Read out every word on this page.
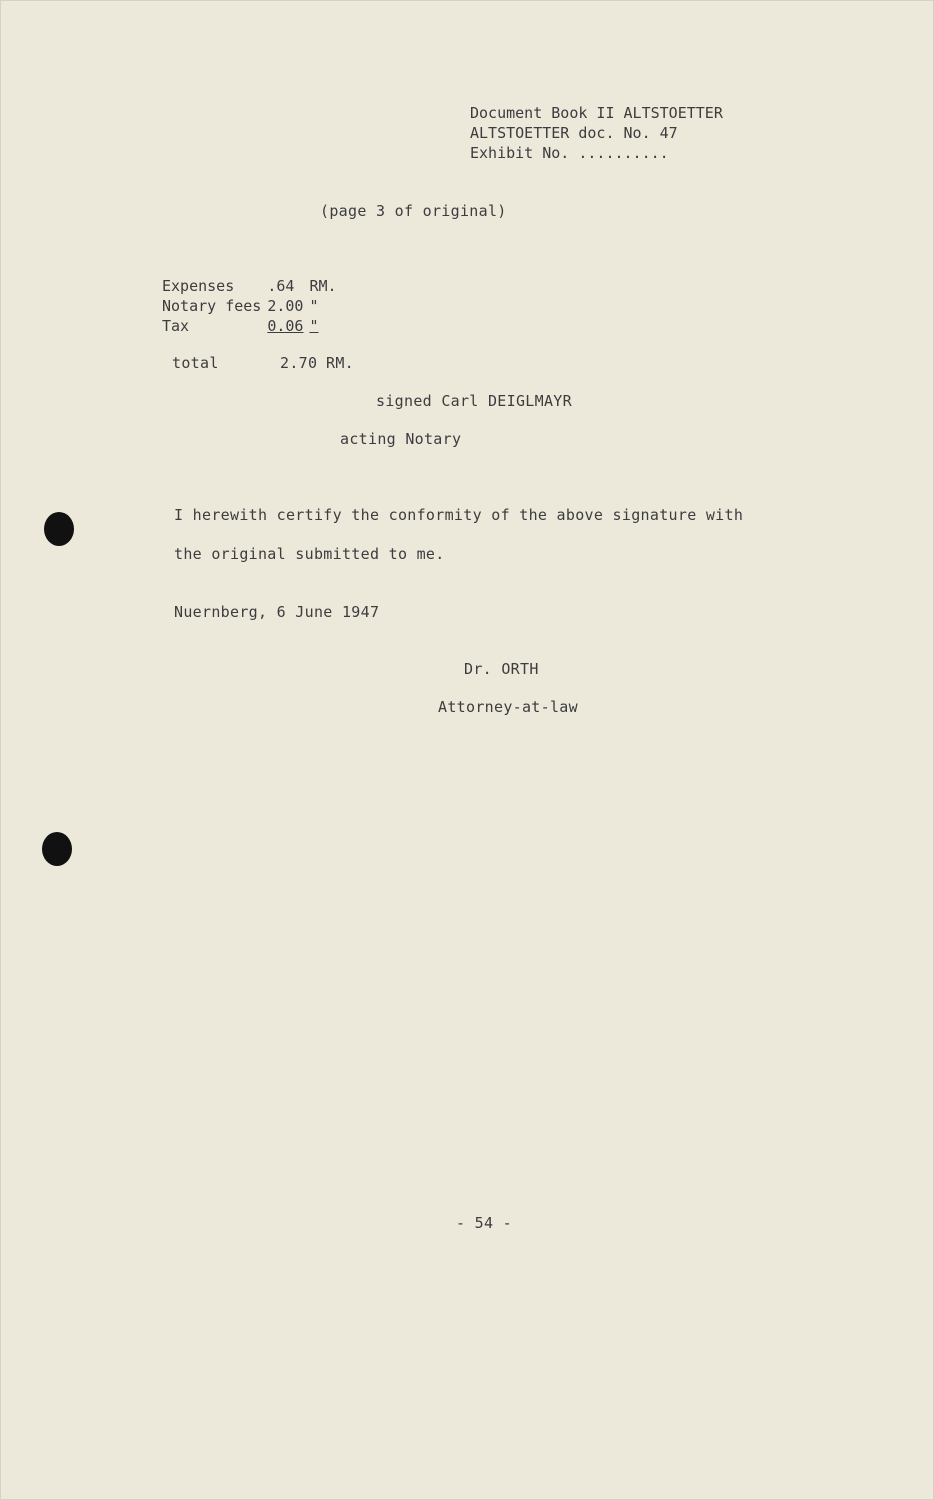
Document Book II ALTSTOETTER
ALTSTOETTER doc. No. 47
Exhibit No. ..........
(page 3 of original)
Expenses	.64	RM.
Notary fees	2.00	"
Tax	0.06	"
total	2.70 RM.
signed Carl DEIGLMAYR
acting Notary
I herewith certify the conformity of the above signature with
the original submitted to me.
Nuernberg, 6 June 1947
Dr. ORTH
Attorney-at-law
- 54 -
